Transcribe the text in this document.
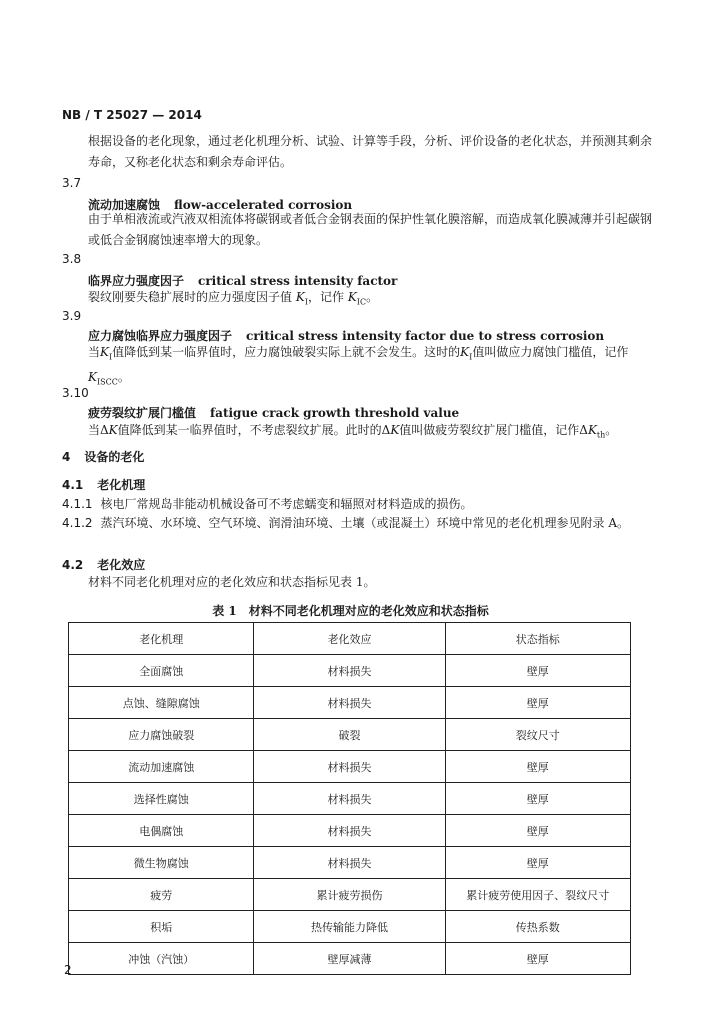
NB / T 25027 — 2014
根据设备的老化现象，通过老化机理分析、试验、计算等手段，分析、评价设备的老化状态，并预测其剩余寿命，又称老化状态和剩余寿命评估。
3.7
流动加速腐蚀 flow-accelerated corrosion
由于单相液流或汽液双相流体将碳钢或者低合金钢表面的保护性氧化膜溶解，而造成氧化膜减薄并引起碳钢或低合金钢腐蚀速率增大的现象。
3.8
临界应力强度因子 critical stress intensity factor
裂纹刚要失稳扩展时的应力强度因子值 $K_I$，记作 $K_{IC}$。
3.9
应力腐蚀临界应力强度因子 critical stress intensity factor due to stress corrosion
当$K_I$值降低到某一临界值时，应力腐蚀破裂实际上就不会发生。这时的$K_I$值叫做应力腐蚀门槛值，记作$K_{ISCC}$。
3.10
疲劳裂纹扩展门槛值 fatigue crack growth threshold value
当ΔK值降低到某一临界值时，不考虑裂纹扩展。此时的ΔK值叫做疲劳裂纹扩展门槛值，记作$\Delta K_{th}$。
4 设备的老化
4.1 老化机理
4.1.1 核电厂常规岛非能动机械设备可不考虑蠕变和辐照对材料造成的损伤。
4.1.2 蒸汽环境、水环境、空气环境、润滑油环境、土壤（或混凝土）环境中常见的老化机理参见附录 A。
4.2 老化效应
材料不同老化机理对应的老化效应和状态指标见表 1。
表 1　材料不同老化机理对应的老化效应和状态指标
老化机理	老化效应	状态指标
全面腐蚀	材料损失	壁厚
点蚀、缝隙腐蚀	材料损失	壁厚
应力腐蚀破裂	破裂	裂纹尺寸
流动加速腐蚀	材料损失	壁厚
选择性腐蚀	材料损失	壁厚
电偶腐蚀	材料损失	壁厚
微生物腐蚀	材料损失	壁厚
疲劳	累计疲劳损伤	累计疲劳使用因子、裂纹尺寸
积垢	热传输能力降低	传热系数
冲蚀（汽蚀）	壁厚减薄	壁厚
2
